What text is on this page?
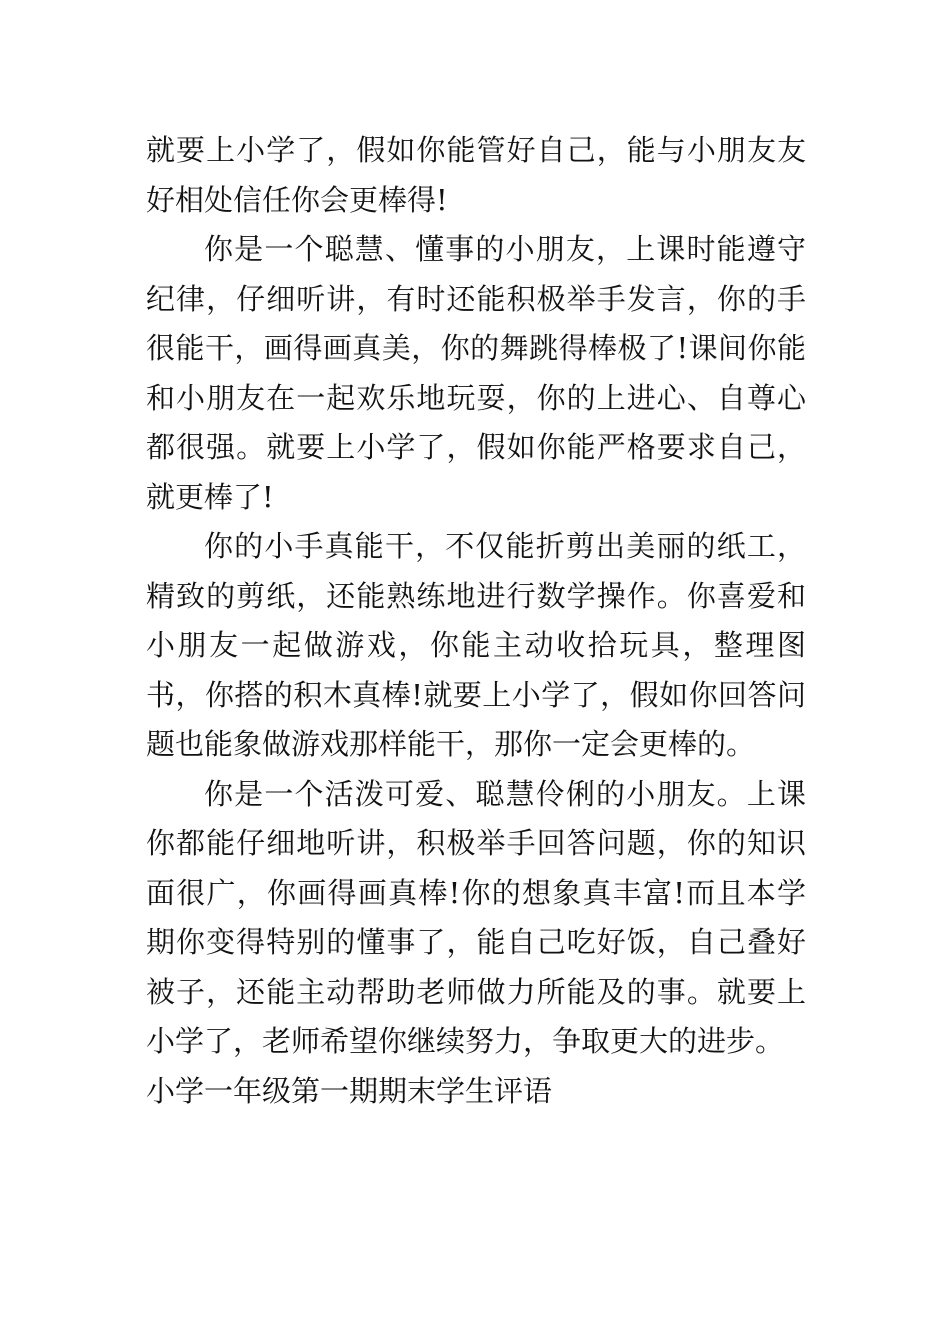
就要上小学了，假如你能管好自己，能与小朋友友好相处信任你会更棒得!

你是一个聪慧、懂事的小朋友，上课时能遵守纪律，仔细听讲，有时还能积极举手发言，你的手很能干，画得画真美，你的舞跳得棒极了!课间你能和小朋友在一起欢乐地玩耍，你的上进心、自尊心都很强。就要上小学了，假如你能严格要求自己，就更棒了!

你的小手真能干，不仅能折剪出美丽的纸工，精致的剪纸，还能熟练地进行数学操作。你喜爱和小朋友一起做游戏，你能主动收拾玩具，整理图书，你搭的积木真棒!就要上小学了，假如你回答问题也能象做游戏那样能干，那你一定会更棒的。

你是一个活泼可爱、聪慧伶俐的小朋友。上课你都能仔细地听讲，积极举手回答问题，你的知识面很广，你画得画真棒!你的想象真丰富!而且本学期你变得特别的懂事了，能自己吃好饭，自己叠好被子，还能主动帮助老师做力所能及的事。就要上小学了，老师希望你继续努力，争取更大的进步。

小学一年级第一期期末学生评语
